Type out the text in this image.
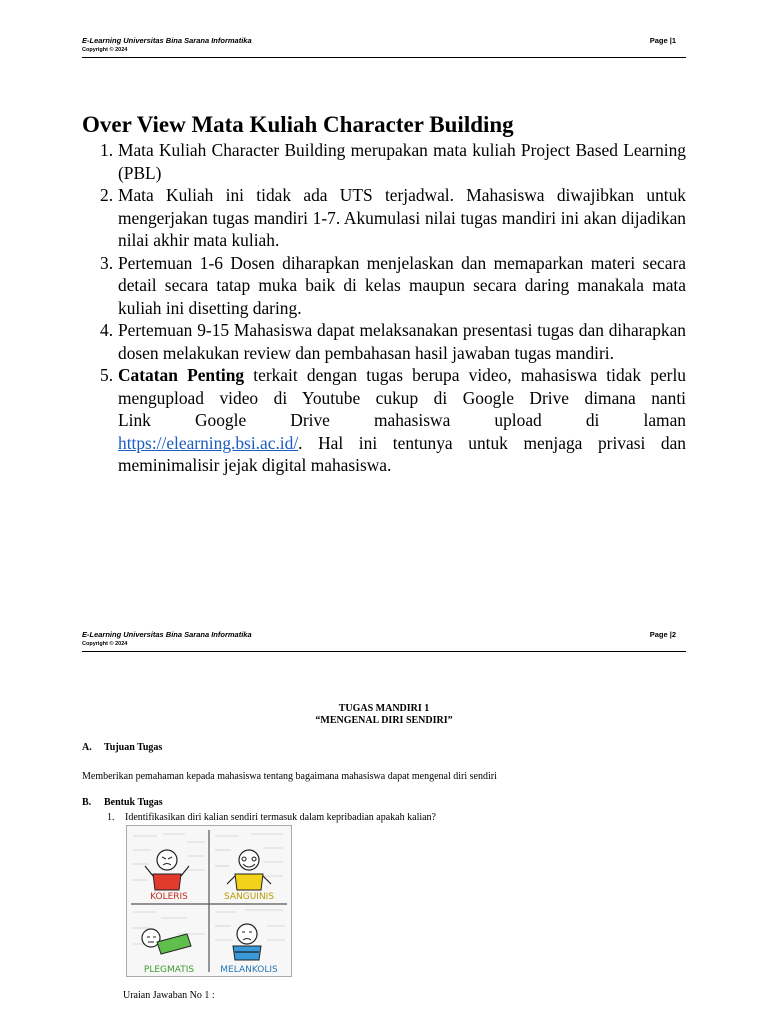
E-Learning Universitas Bina Sarana Informatika
Copyright © 2024
Page |1
Over View Mata Kuliah Character Building
1. Mata Kuliah Character Building merupakan mata kuliah Project Based Learning (PBL)
2. Mata Kuliah ini tidak ada UTS terjadwal. Mahasiswa diwajibkan untuk mengerjakan tugas mandiri 1-7. Akumulasi nilai tugas mandiri ini akan dijadikan nilai akhir mata kuliah.
3. Pertemuan 1-6 Dosen diharapkan menjelaskan dan memaparkan materi secara detail secara tatap muka baik di kelas maupun secara daring manakala mata kuliah ini disetting daring.
4. Pertemuan 9-15 Mahasiswa dapat melaksanakan presentasi tugas dan diharapkan dosen melakukan review dan pembahasan hasil jawaban tugas mandiri.
5. Catatan Penting terkait dengan tugas berupa video, mahasiswa tidak perlu mengupload video di Youtube cukup di Google Drive dimana nanti
Link Google Drive mahasiswa upload di laman
https://elearning.bsi.ac.id/. Hal ini tentunya untuk menjaga privasi dan meminimalisir jejak digital mahasiswa.
E-Learning Universitas Bina Sarana Informatika
Copyright © 2024
Page |2
TUGAS MANDIRI 1
“MENGENAL DIRI SENDIRI”
A. Tujuan Tugas
Memberikan pemahaman kepada mahasiswa tentang bagaimana mahasiswa dapat mengenal diri sendiri
B. Bentuk Tugas
1. Identifikasikan diri kalian sendiri termasuk dalam kepribadian apakah kalian?
KOLERIS	SANGUINIS
PLEGMATIS	MELANKOLIS
Uraian Jawaban No 1 :
